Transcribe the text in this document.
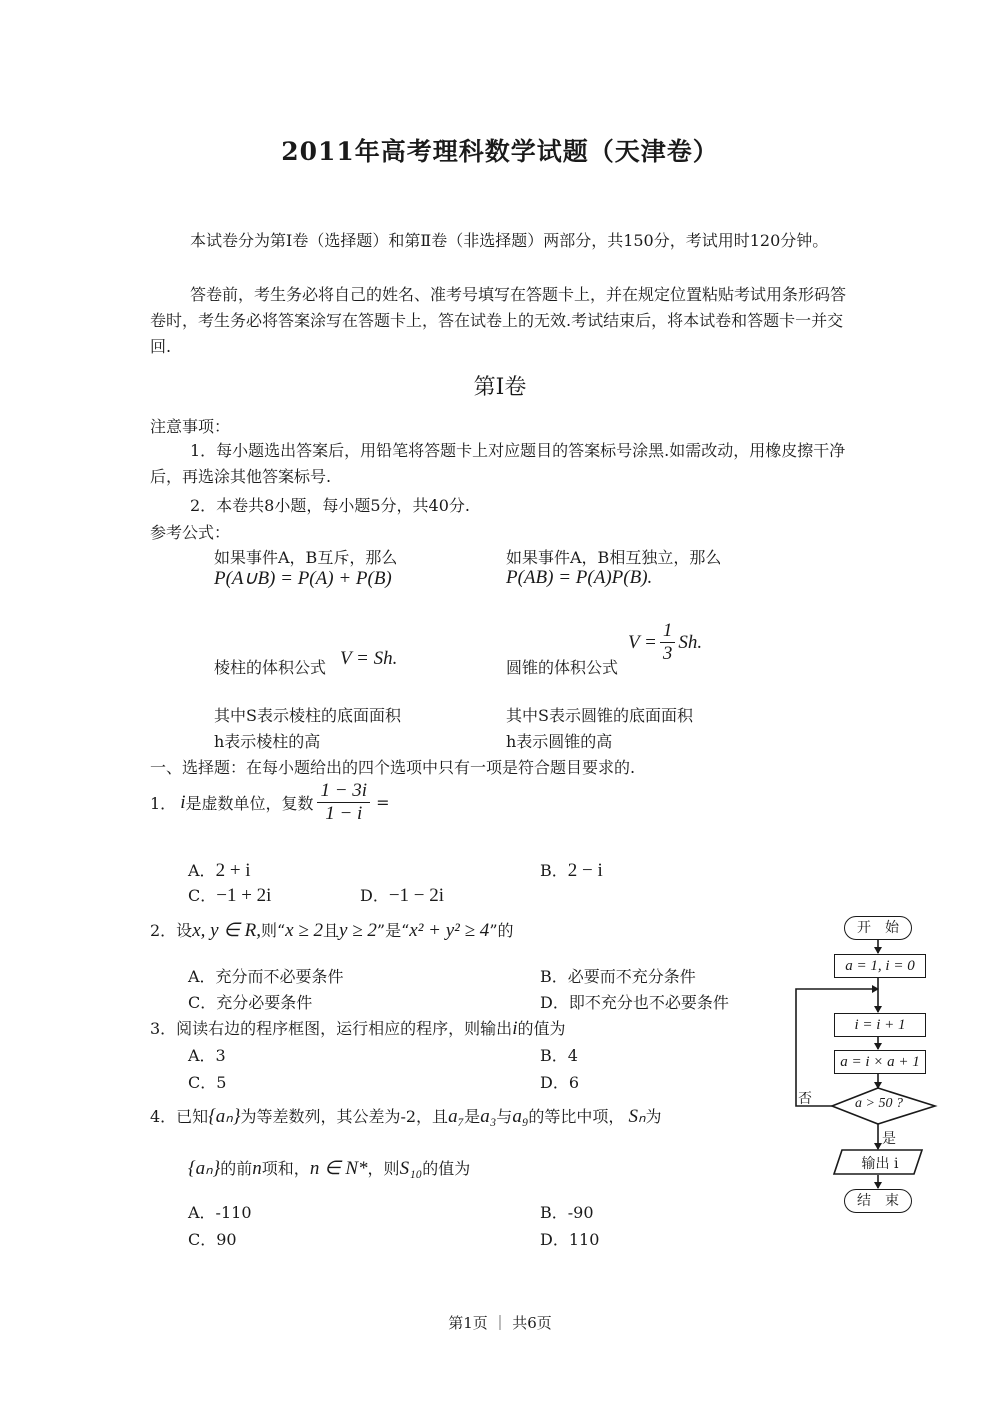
2011年高考理科数学试题（天津卷）
本试卷分为第Ⅰ卷（选择题）和第Ⅱ卷（非选择题）两部分，共150分，考试用时120分钟。
答卷前，考生务必将自己的姓名、准考号填写在答题卡上，并在规定位置粘贴考试用条形码答卷时，考生务必将答案涂写在答题卡上，答在试卷上的无效.考试结束后，将本试卷和答题卡一并交回.
第Ⅰ卷
注意事项：
1．每小题选出答案后，用铅笔将答题卡上对应题目的答案标号涂黑.如需改动，用橡皮擦干净后，再选涂其他答案标号.
2．本卷共8小题，每小题5分，共40分.
参考公式：
如果事件A，B互斥，那么
P(A∪B) = P(A) + P(B)
如果事件A，B相互独立，那么
P(AB) = P(A)P(B).
棱柱的体积公式 V = Sh.	圆锥的体积公式
$V = \frac{1}{3} Sh$.
其中S表示棱柱的底面面积
h表示棱柱的高
其中S表示圆锥的底面面积
h表示圆锥的高
一、选择题：在每小题给出的四个选项中只有一项是符合题目要求的.
1． i 是虚数单位，复数 $\frac{1 - 3i}{1 - i}$ =
A．2 + i	B．2 − i
C．−1 + 2i	D．−1 − 2i
2．设x, y ∈ R,则“x ≥ 2且y ≥ 2”是“x² + y² ≥ 4”的
A．充分而不必要条件	B．必要而不充分条件
C．充分必要条件	D．即不充分也不必要条件
3．阅读右边的程序框图，运行相应的程序，则输出i的值为
A．3	B．4
C．5	D．6
4．已知{aₙ}为等差数列，其公差为-2，且a₇是a₃与a₉的等比中项， Sₙ为
{aₙ}的前n项和，n ∈ N*，则S₁₀的值为
A．-110	B．-90
C．90	D．110
开　始
a = 1, i = 0
i = i + 1
a = i × a + 1
a > 50 ?
否
是
输出 i
结　束
第1页 ｜ 共6页
